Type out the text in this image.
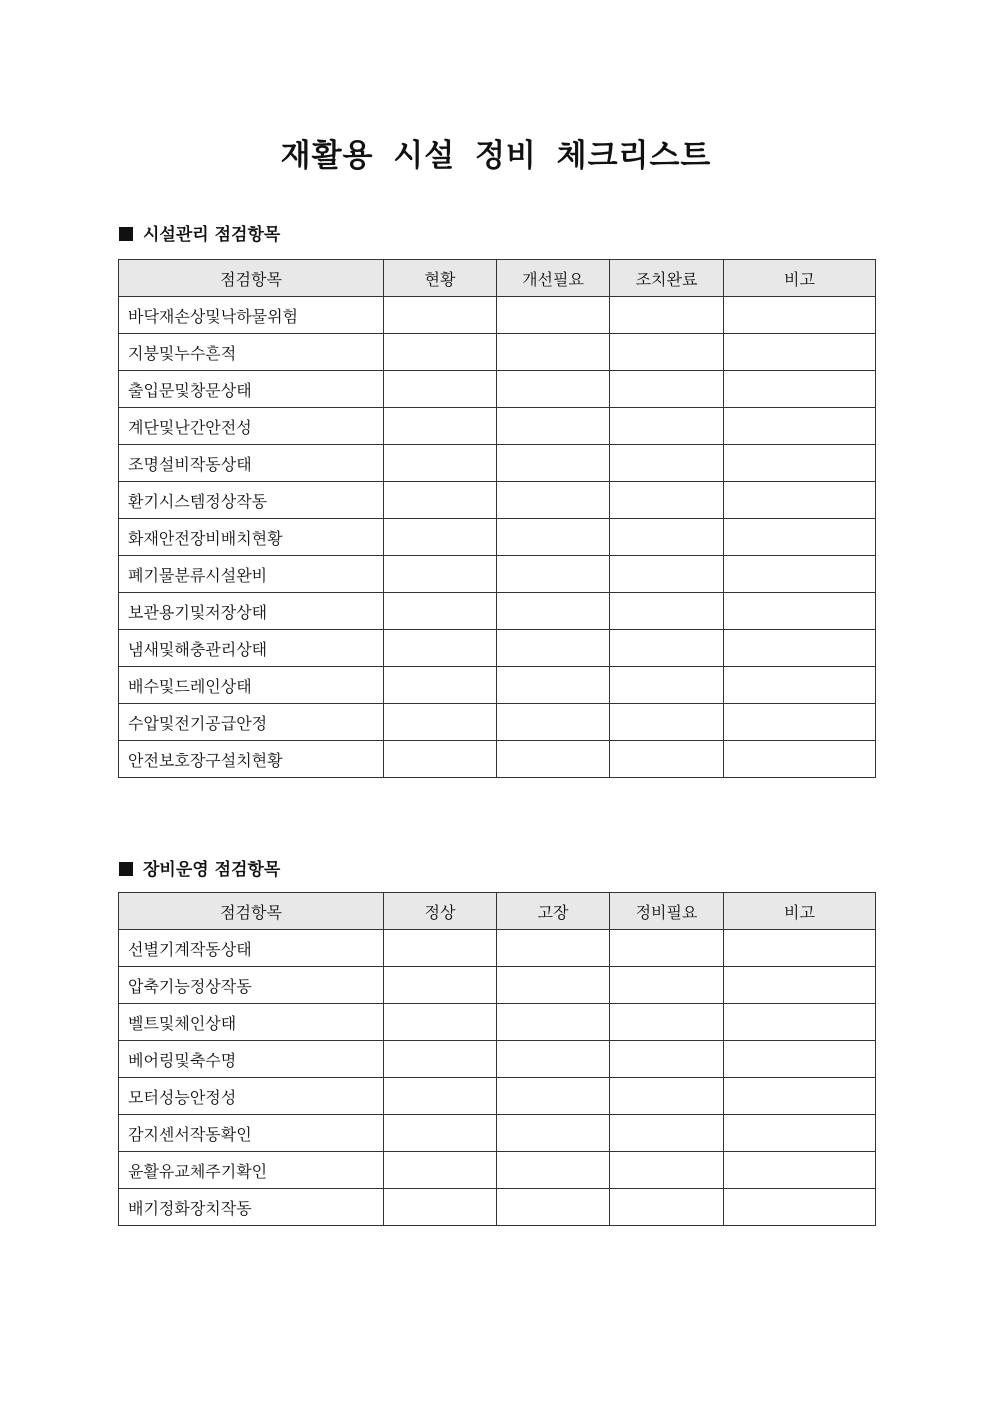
재활용 시설 정비 체크리스트
시설관리 점검항목
점검항목	현황	개선필요	조치완료	비고
바닥재손상및낙하물위험				
지붕및누수흔적				
출입문및창문상태				
계단및난간안전성				
조명설비작동상태				
환기시스템정상작동				
화재안전장비배치현황				
폐기물분류시설완비				
보관용기및저장상태				
냄새및해충관리상태				
배수및드레인상태				
수압및전기공급안정				
안전보호장구설치현황				
장비운영 점검항목
점검항목	정상	고장	정비필요	비고
선별기계작동상태				
압축기능정상작동				
벨트및체인상태				
베어링및축수명				
모터성능안정성				
감지센서작동확인				
윤활유교체주기확인				
배기정화장치작동				
